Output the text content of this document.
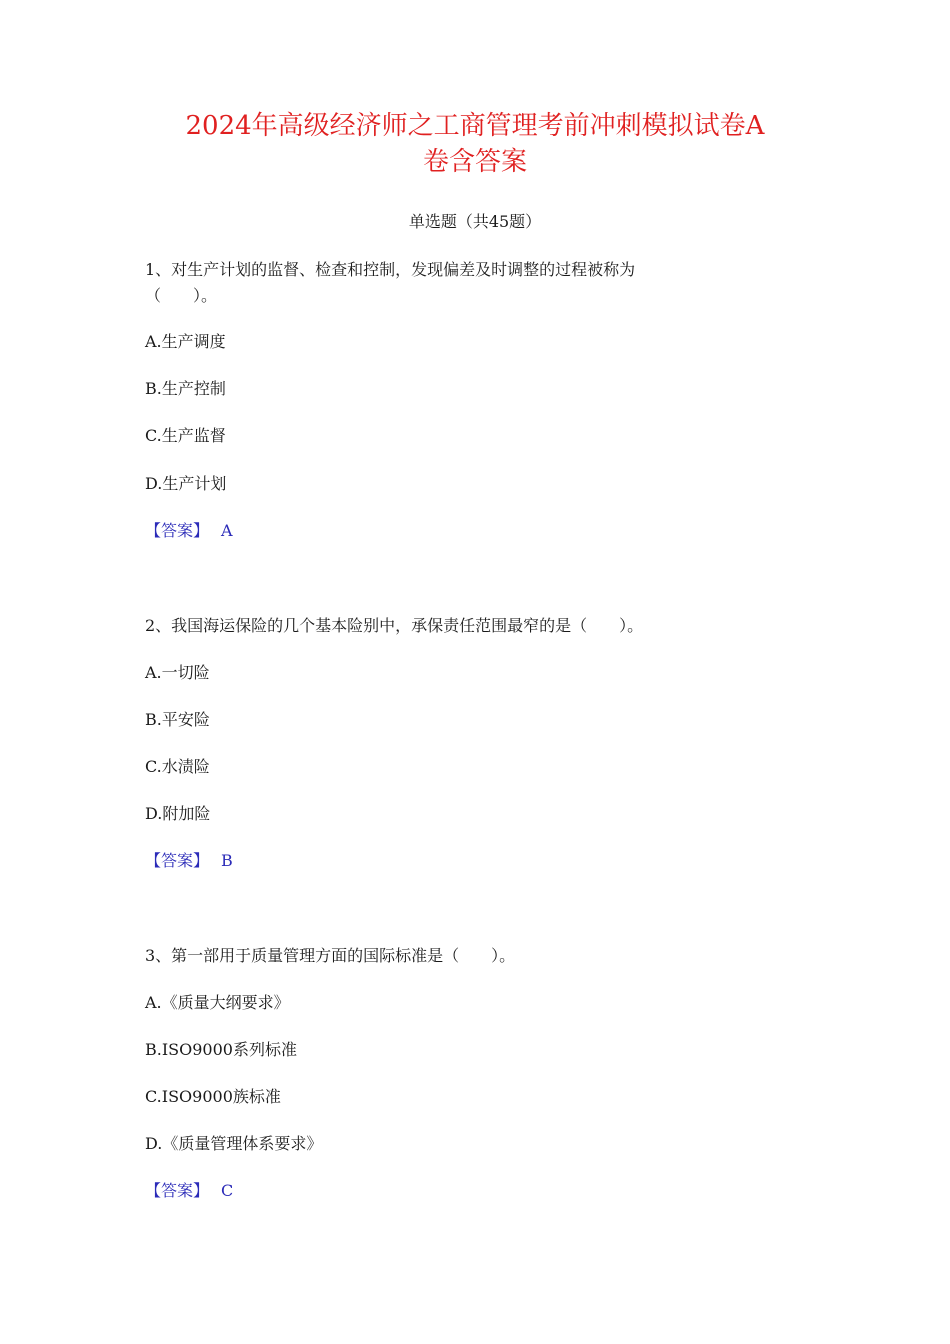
2024年高级经济师之工商管理考前冲刺模拟试卷A
卷含答案
单选题（共45题）
1、对生产计划的监督、检查和控制，发现偏差及时调整的过程被称为
（　　）。
A.生产调度
B.生产控制
C.生产监督
D.生产计划
【答案】 A
2、我国海运保险的几个基本险别中，承保责任范围最窄的是（　　）。
A.一切险
B.平安险
C.水渍险
D.附加险
【答案】 B
3、第一部用于质量管理方面的国际标准是（　　）。
A.《质量大纲要求》
B.ISO9000系列标准
C.ISO9000族标准
D.《质量管理体系要求》
【答案】 C
